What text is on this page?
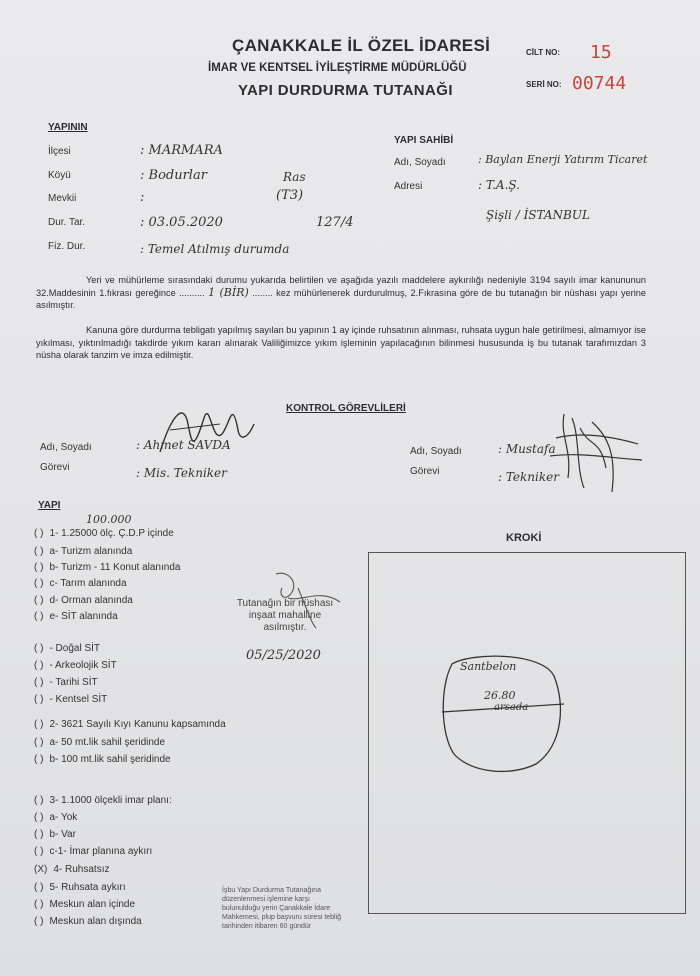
ÇANAKKALE İL ÖZEL İDARESİ
İMAR VE KENTSEL İYİLEŞTİRME MÜDÜRLÜĞÜ
YAPI DURDURMA TUTANAĞI
CİLT NO: 15
SERİ NO: 00744
YAPININ
İlçesi	: MARMARA
Köyü	: Bodurlar
Mevkii	:
Ras
(T3)
Dur. Tar.	: 03.05.2020	127/4
Fiz. Dur.	: Temel Atılmış durumda
YAPI SAHİBİ
Adı, Soyadı	: Baylan Enerji Yatırım Ticaret
Adresi	: T.A.Ş.
Şişli / İSTANBUL
Yeri ve mühürleme sırasındaki durumu yukarıda belirtilen ve aşağıda yazılı maddelere aykırılığı nedeniyle 3194 sayılı imar kanununun 32.Maddesinin 1.fıkrası gereğince .......... 1 (BİR) ........ kez mühürlenerek durdurulmuş, 2.Fıkrasına göre de bu tutanağın bir nüshası yapı yerine asılmıştır.
Kanuna göre durdurma tebligatı yapılmış sayılan bu yapının 1 ay içinde ruhsatının alınması, ruhsata uygun hale getirilmesi, almamıyor ise yıkılması, yıktırılmadığı takdirde yıkım kararı alınarak Valiliğimizce yıkım işleminin yapılacağının bilinmesi hususunda iş bu tutanak tarafımızdan 3 nüsha olarak tanzim ve imza edilmiştir.
KONTROL GÖREVLİLERİ
Adı, Soyadı	: Ahmet SAVDA
Görevi	: Mis. Tekniker
Adı, Soyadı	: Mustafa
Görevi	: Tekniker
YAPI
100.000
( ) 1- 1.25000 ölç. Ç.D.P içinde
( ) a- Turizm alanında
( ) b- Turizm - 11 Konut alanında
( ) c- Tarım alanında
( ) d- Orman alanında
( ) e- SİT alanında
( ) - Doğal SİT
( ) - Arkeolojik SİT
( ) - Tarihi SİT
( ) - Kentsel SİT
( ) 2- 3621 Sayılı Kıyı Kanunu kapsamında
( ) a- 50 mt.lik sahil şeridinde
( ) b- 100 mt.lik sahil şeridinde
( ) 3- 1.1000 ölçekli imar planı:
( ) a- Yok
( ) b- Var
( ) c-1- İmar planına aykırı
(X) 4- Ruhsatsız
( ) 5- Ruhsata aykırı
( ) Meskun alan içinde
( ) Meskun alan dışında
Tutanağın bir nüshası
inşaat mahalline
asılmıştır.
05/25/2020
KROKİ
Santbelon
26.80
arsada
İşbu Yapı Durdurma Tutanağına
düzenlenmesi işlemine karşı
bulunulduğu yerin Çanakkale İdare
Mahkemesi, plup başvuru süresi tebliğ
tarihinden itibaren 60 gündür
